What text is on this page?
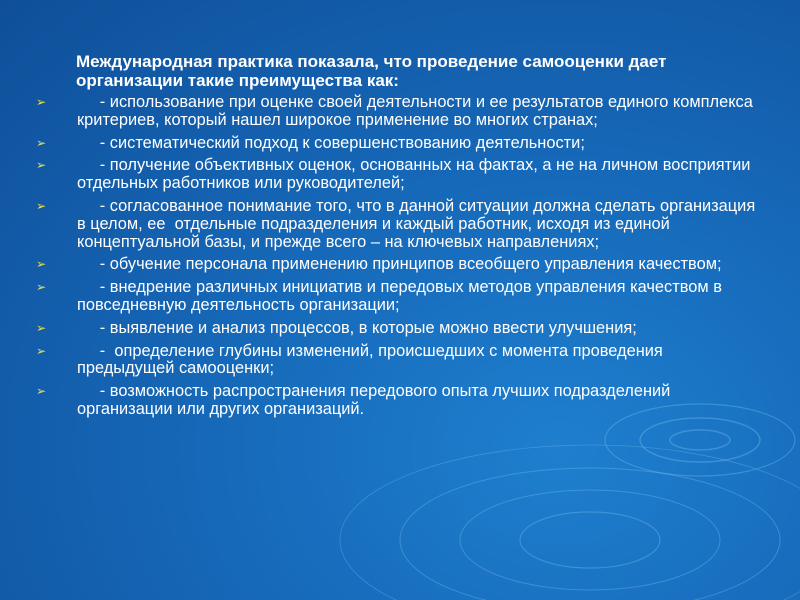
Международная практика показала, что проведение самооценки дает организации такие преимущества как:
➢ - использование при оценке своей деятельности и ее результатов единого комплекса критериев, который нашел широкое применение во многих странах;
➢ - систематический подход к совершенствованию деятельности;
➢ - получение объективных оценок, основанных на фактах, а не на личном восприятии отдельных работников или руководителей;
➢ - согласованное понимание того, что в данной ситуации должна сделать организация в целом, ее  отдельные подразделения и каждый работник, исходя из единой концептуальной базы, и прежде всего – на ключевых направлениях;
➢ - обучение персонала применению принципов всеобщего управления качеством;
➢ - внедрение различных инициатив и передовых методов управления качеством в повседневную деятельность организации;
➢ - выявление и анализ процессов, в которые можно ввести улучшения;
➢ -  определение глубины изменений, происшедших с момента проведения предыдущей самооценки;
➢ - возможность распространения передового опыта лучших подразделений организации или других организаций.
